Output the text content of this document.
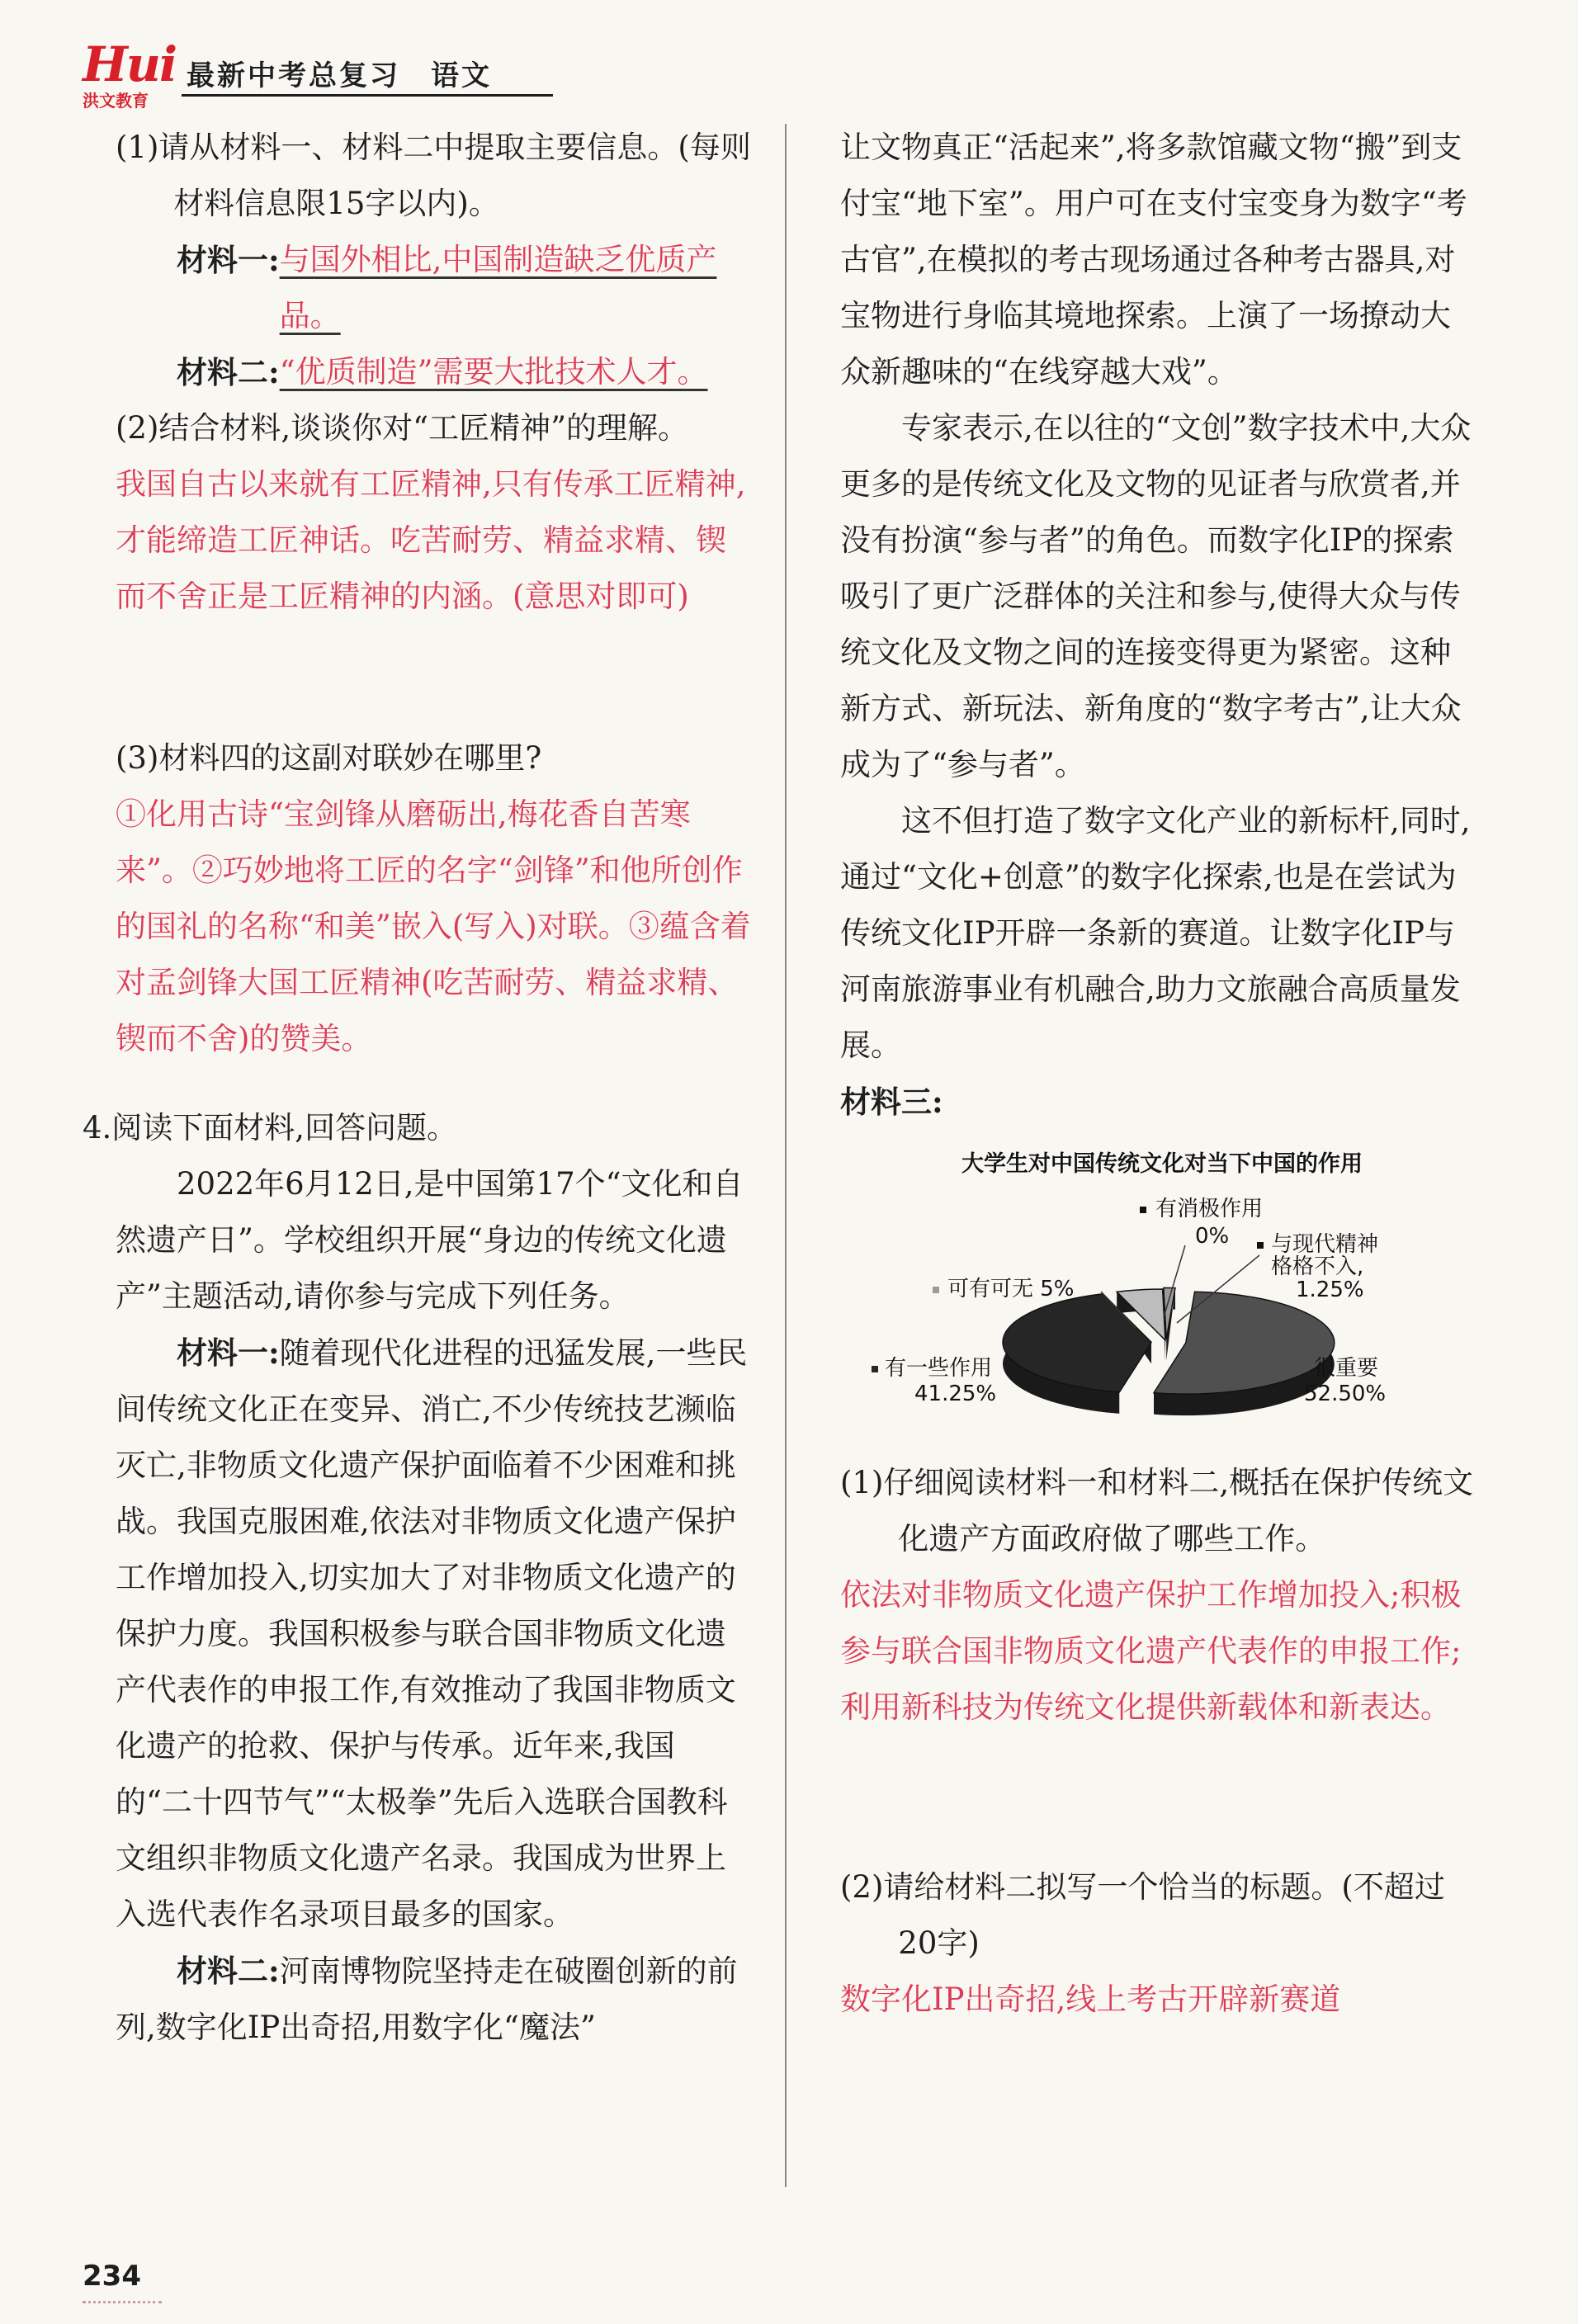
Hui
洪文教育
最新中考总复习　语文

(1)请从材料一、材料二中提取主要信息。(每则材料信息限15字以内)。

材料一: 与国外相比,中国制造缺乏优质产品。
材料二: “优质制造”需要大批技术人才。

(2)结合材料,谈谈你对“工匠精神”的理解。

我国自古以来就有工匠精神,只有传承工匠精神,才能缔造工匠神话。吃苦耐劳、精益求精、锲而不舍正是工匠精神的内涵。(意思对即可)

(3)材料四的这副对联妙在哪里?

①化用古诗“宝剑锋从磨砺出,梅花香自苦寒来”。②巧妙地将工匠的名字“剑锋”和他所创作的国礼的名称“和美”嵌入(写入)对联。③蕴含着对孟剑锋大国工匠精神(吃苦耐劳、精益求精、锲而不舍)的赞美。

4.阅读下面材料,回答问题。

2022年6月12日,是中国第17个“文化和自然遗产日”。学校组织开展“身边的传统文化遗产”主题活动,请你参与完成下列任务。

材料一:随着现代化进程的迅猛发展,一些民间传统文化正在变异、消亡,不少传统技艺濒临灭亡,非物质文化遗产保护面临着不少困难和挑战。我国克服困难,依法对非物质文化遗产保护工作增加投入,切实加大了对非物质文化遗产的保护力度。我国积极参与联合国非物质文化遗产代表作的申报工作,有效推动了我国非物质文化遗产的抢救、保护与传承。近年来,我国的“二十四节气”“太极拳”先后入选联合国教科文组织非物质文化遗产名录。我国成为世界上入选代表作名录项目最多的国家。

材料二:河南博物院坚持走在破圈创新的前列,数字化IP出奇招,用数字化“魔法”

让文物真正“活起来”,将多款馆藏文物“搬”到支付宝“地下室”。用户可在支付宝变身为数字“考古官”,在模拟的考古现场通过各种考古器具,对宝物进行身临其境地探索。上演了一场撩动大众新趣味的“在线穿越大戏”。

专家表示,在以往的“文创”数字技术中,大众更多的是传统文化及文物的见证者与欣赏者,并没有扮演“参与者”的角色。而数字化IP的探索吸引了更广泛群体的关注和参与,使得大众与传统文化及文物之间的连接变得更为紧密。这种新方式、新玩法、新角度的“数字考古”,让大众成为了“参与者”。

这不但打造了数字文化产业的新标杆,同时,通过“文化+创意”的数字化探索,也是在尝试为传统文化IP开辟一条新的赛道。让数字化IP与河南旅游事业有机融合,助力文旅融合高质量发展。

材料三:

大学生对中国传统文化对当下中国的作用
有消极作用
0% 与现代精神
格格不入,
1.25%
可有可无 5%
有一些作用
41.25%
很重要
52.50%

(1)仔细阅读材料一和材料二,概括在保护传统文化遗产方面政府做了哪些工作。

依法对非物质文化遗产保护工作增加投入;积极参与联合国非物质文化遗产代表作的申报工作;利用新科技为传统文化提供新载体和新表达。

(2)请给材料二拟写一个恰当的标题。(不超过20字)

数字化IP出奇招,线上考古开辟新赛道

234
